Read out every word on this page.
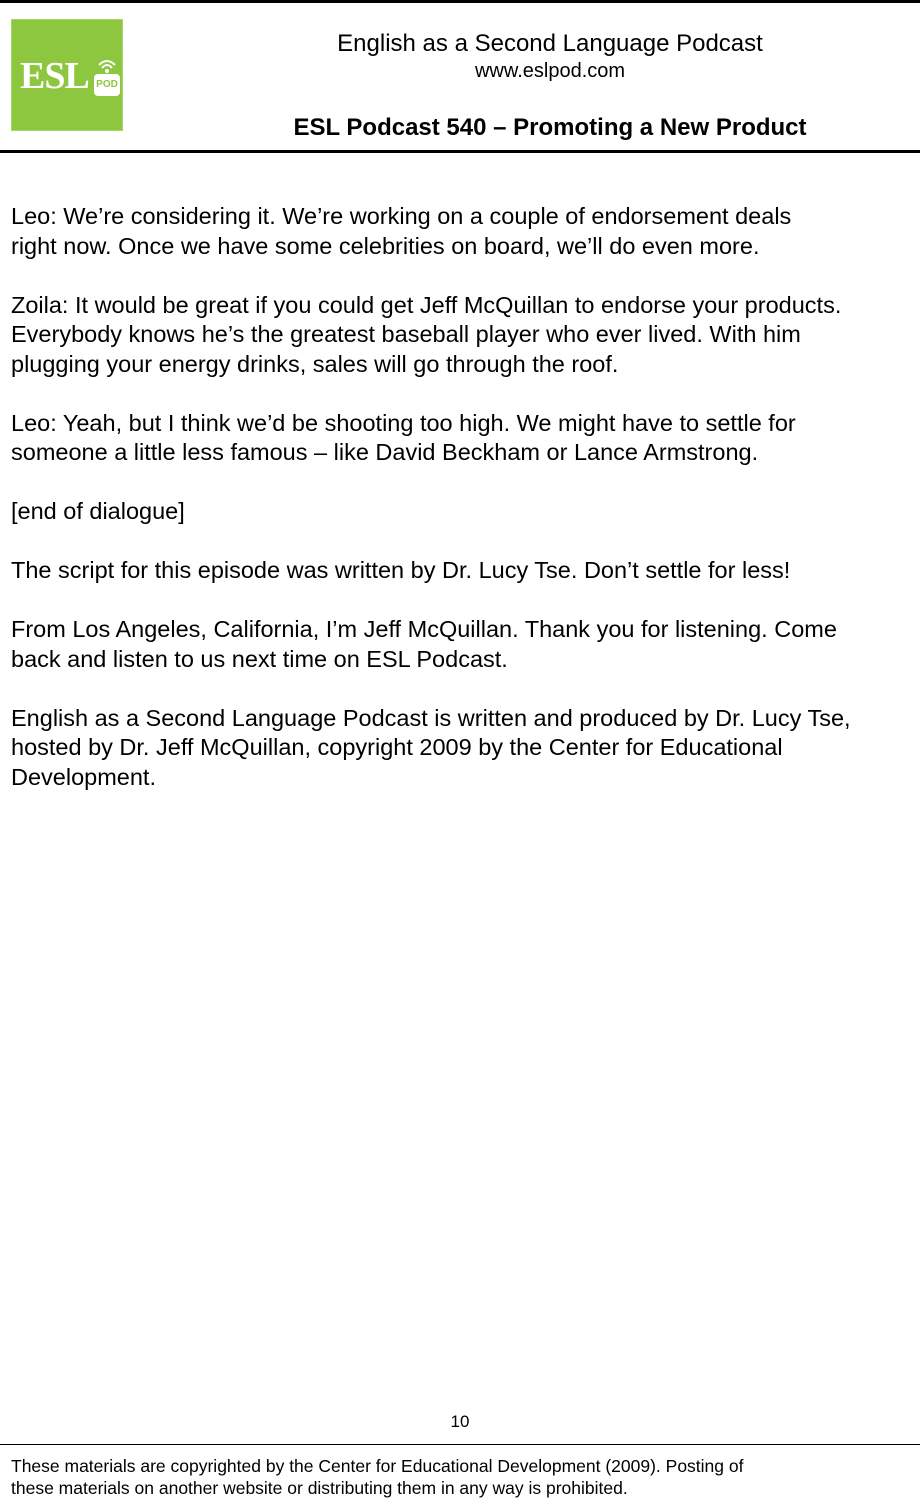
ESL POD
English as a Second Language Podcast
www.eslpod.com
ESL Podcast 540 – Promoting a New Product

Leo: We’re considering it. We’re working on a couple of endorsement deals
right now. Once we have some celebrities on board, we’ll do even more.

Zoila: It would be great if you could get Jeff McQuillan to endorse your products.
Everybody knows he’s the greatest baseball player who ever lived. With him
plugging your energy drinks, sales will go through the roof.

Leo: Yeah, but I think we’d be shooting too high. We might have to settle for
someone a little less famous – like David Beckham or Lance Armstrong.

[end of dialogue]

The script for this episode was written by Dr. Lucy Tse. Don’t settle for less!

From Los Angeles, California, I’m Jeff McQuillan. Thank you for listening. Come
back and listen to us next time on ESL Podcast.

English as a Second Language Podcast is written and produced by Dr. Lucy Tse,
hosted by Dr. Jeff McQuillan, copyright 2009 by the Center for Educational
Development.

10
These materials are copyrighted by the Center for Educational Development (2009). Posting of
these materials on another website or distributing them in any way is prohibited.
